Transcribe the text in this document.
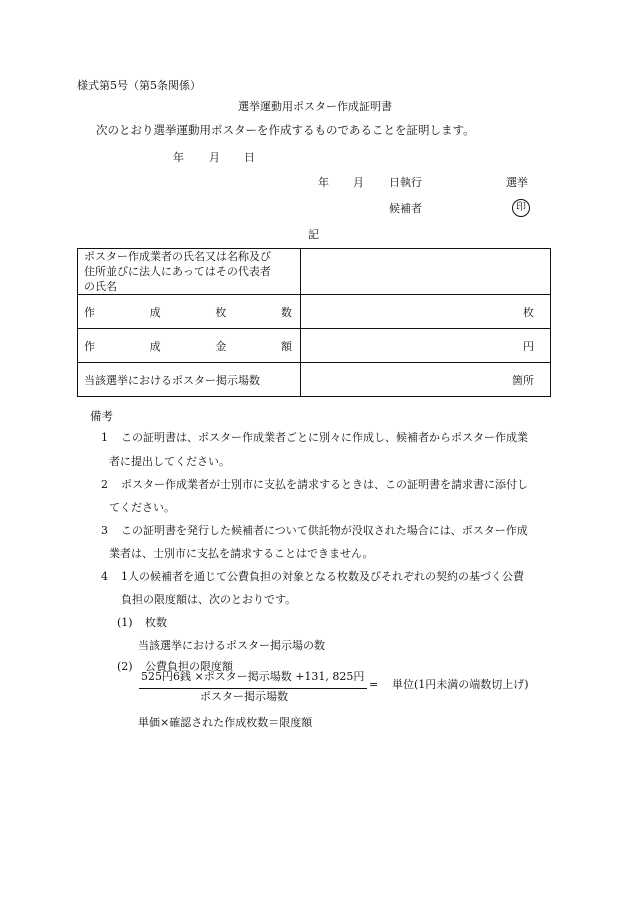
様式第5号（第5条関係）
選挙運動用ポスター作成証明書
次のとおり選挙運動用ポスターを作成するものであることを証明します。
年 月 日
年 月 日執行	選挙
候補者	印
記
ポスター作成業者の氏名又は名称及び
住所並びに法人にあってはその代表者
の氏名	

作 成 枚 数	枚

作 成 金 額	円
当該選挙におけるポスター掲示場数	箇所
備考
1 この証明書は、ポスター作成業者ごとに別々に作成し、候補者からポスター作成業
者に提出してください。
2 ポスター作成業者が士別市に支払を請求するときは、この証明書を請求書に添付し
てください。
3 この証明書を発行した候補者について供託物が没収された場合には、ポスター作成
業者は、士別市に支払を請求することはできません。
4 1人の候補者を通じて公費負担の対象となる枚数及びそれぞれの契約の基づく公費
負担の限度額は、次のとおりです。
(1) 枚数
当該選挙におけるポスター掲示場の数
(2) 公費負担の限度額
525円6銭 ×ポスター掲示場数 +131, 825円
ポスター掲示場数
= 単位(1円未満の端数切上げ)
単価×確認された作成枚数＝限度額
